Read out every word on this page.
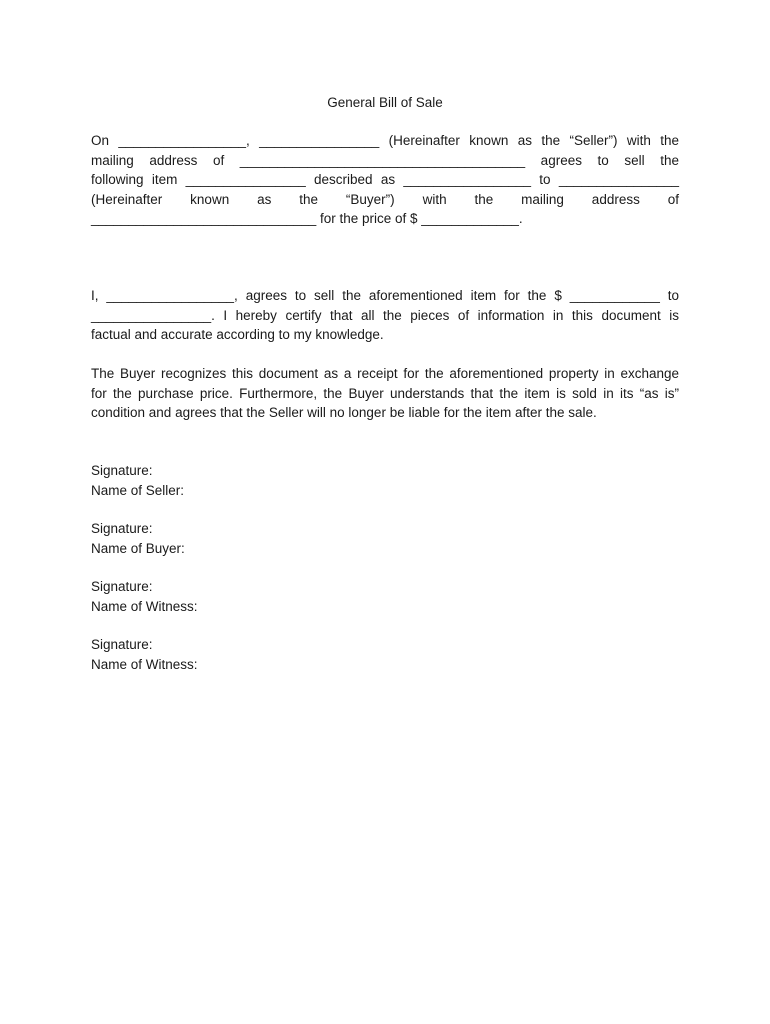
General Bill of Sale
On _________________, ________________ (Hereinafter known as the “Seller”) with the
mailing address of ______________________________________ agrees to sell the
following item ________________ described as _________________ to ________________
(Hereinafter known as the “Buyer”) with the mailing address of
______________________________ for the price of $ _____________.
I, _________________, agrees to sell the aforementioned item for the $ ____________ to
________________. I hereby certify that all the pieces of information in this document is
factual and accurate according to my knowledge.
The Buyer recognizes this document as a receipt for the aforementioned property in exchange
for the purchase price. Furthermore, the Buyer understands that the item is sold in its “as is”
condition and agrees that the Seller will no longer be liable for the item after the sale.
Signature:
Name of Seller:
Signature:
Name of Buyer:
Signature:
Name of Witness:
Signature:
Name of Witness:
